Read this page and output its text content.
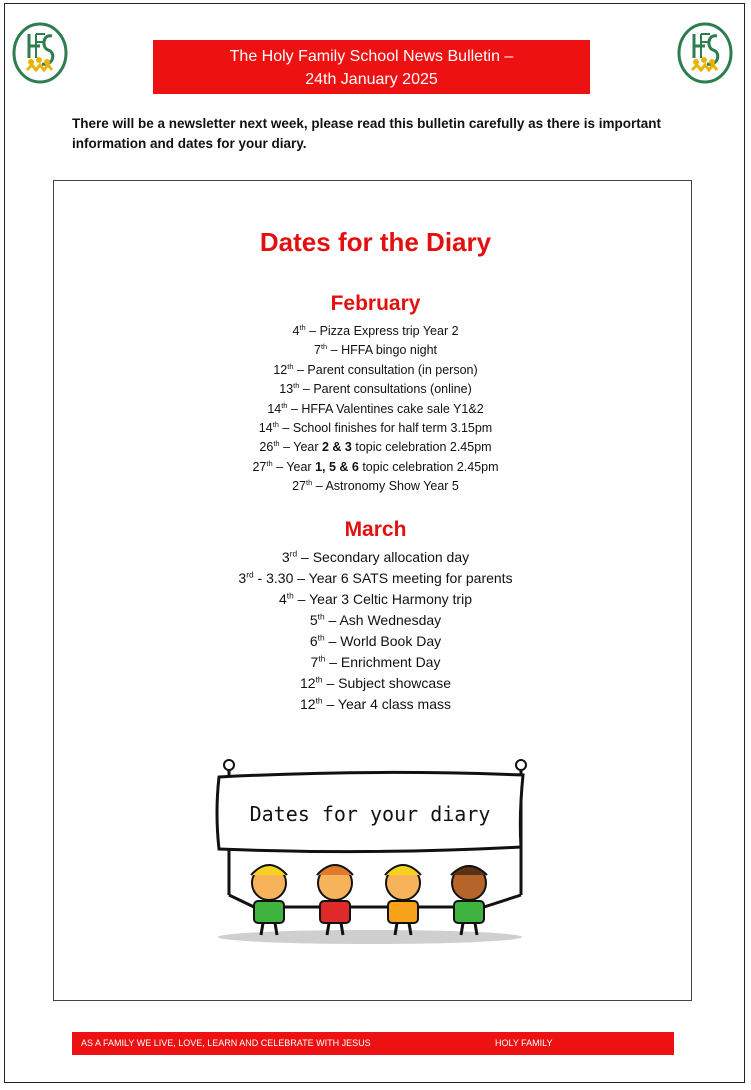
The Holy Family School News Bulletin –
24th January 2025
There will be a newsletter next week, please read this bulletin carefully as there is important information and dates for your diary.
Dates for the Diary
February
4th – Pizza Express trip Year 2
7th – HFFA bingo night
12th – Parent consultation (in person)
13th – Parent consultations (online)
14th – HFFA Valentines cake sale Y1&2
14th – School finishes for half term 3.15pm
26th – Year 2 & 3 topic celebration 2.45pm
27th – Year 1, 5 & 6 topic celebration 2.45pm
27th – Astronomy Show Year 5
March
3rd – Secondary allocation day
3rd - 3.30 – Year 6 SATS meeting for parents
4th – Year 3 Celtic Harmony trip
5th – Ash Wednesday
6th – World Book Day
7th – Enrichment Day
12th – Subject showcase
12th – Year 4 class mass
Dates for your diary
AS A FAMILY WE LIVE, LOVE, LEARN AND CELEBRATE WITH JESUS	HOLY FAMILY
